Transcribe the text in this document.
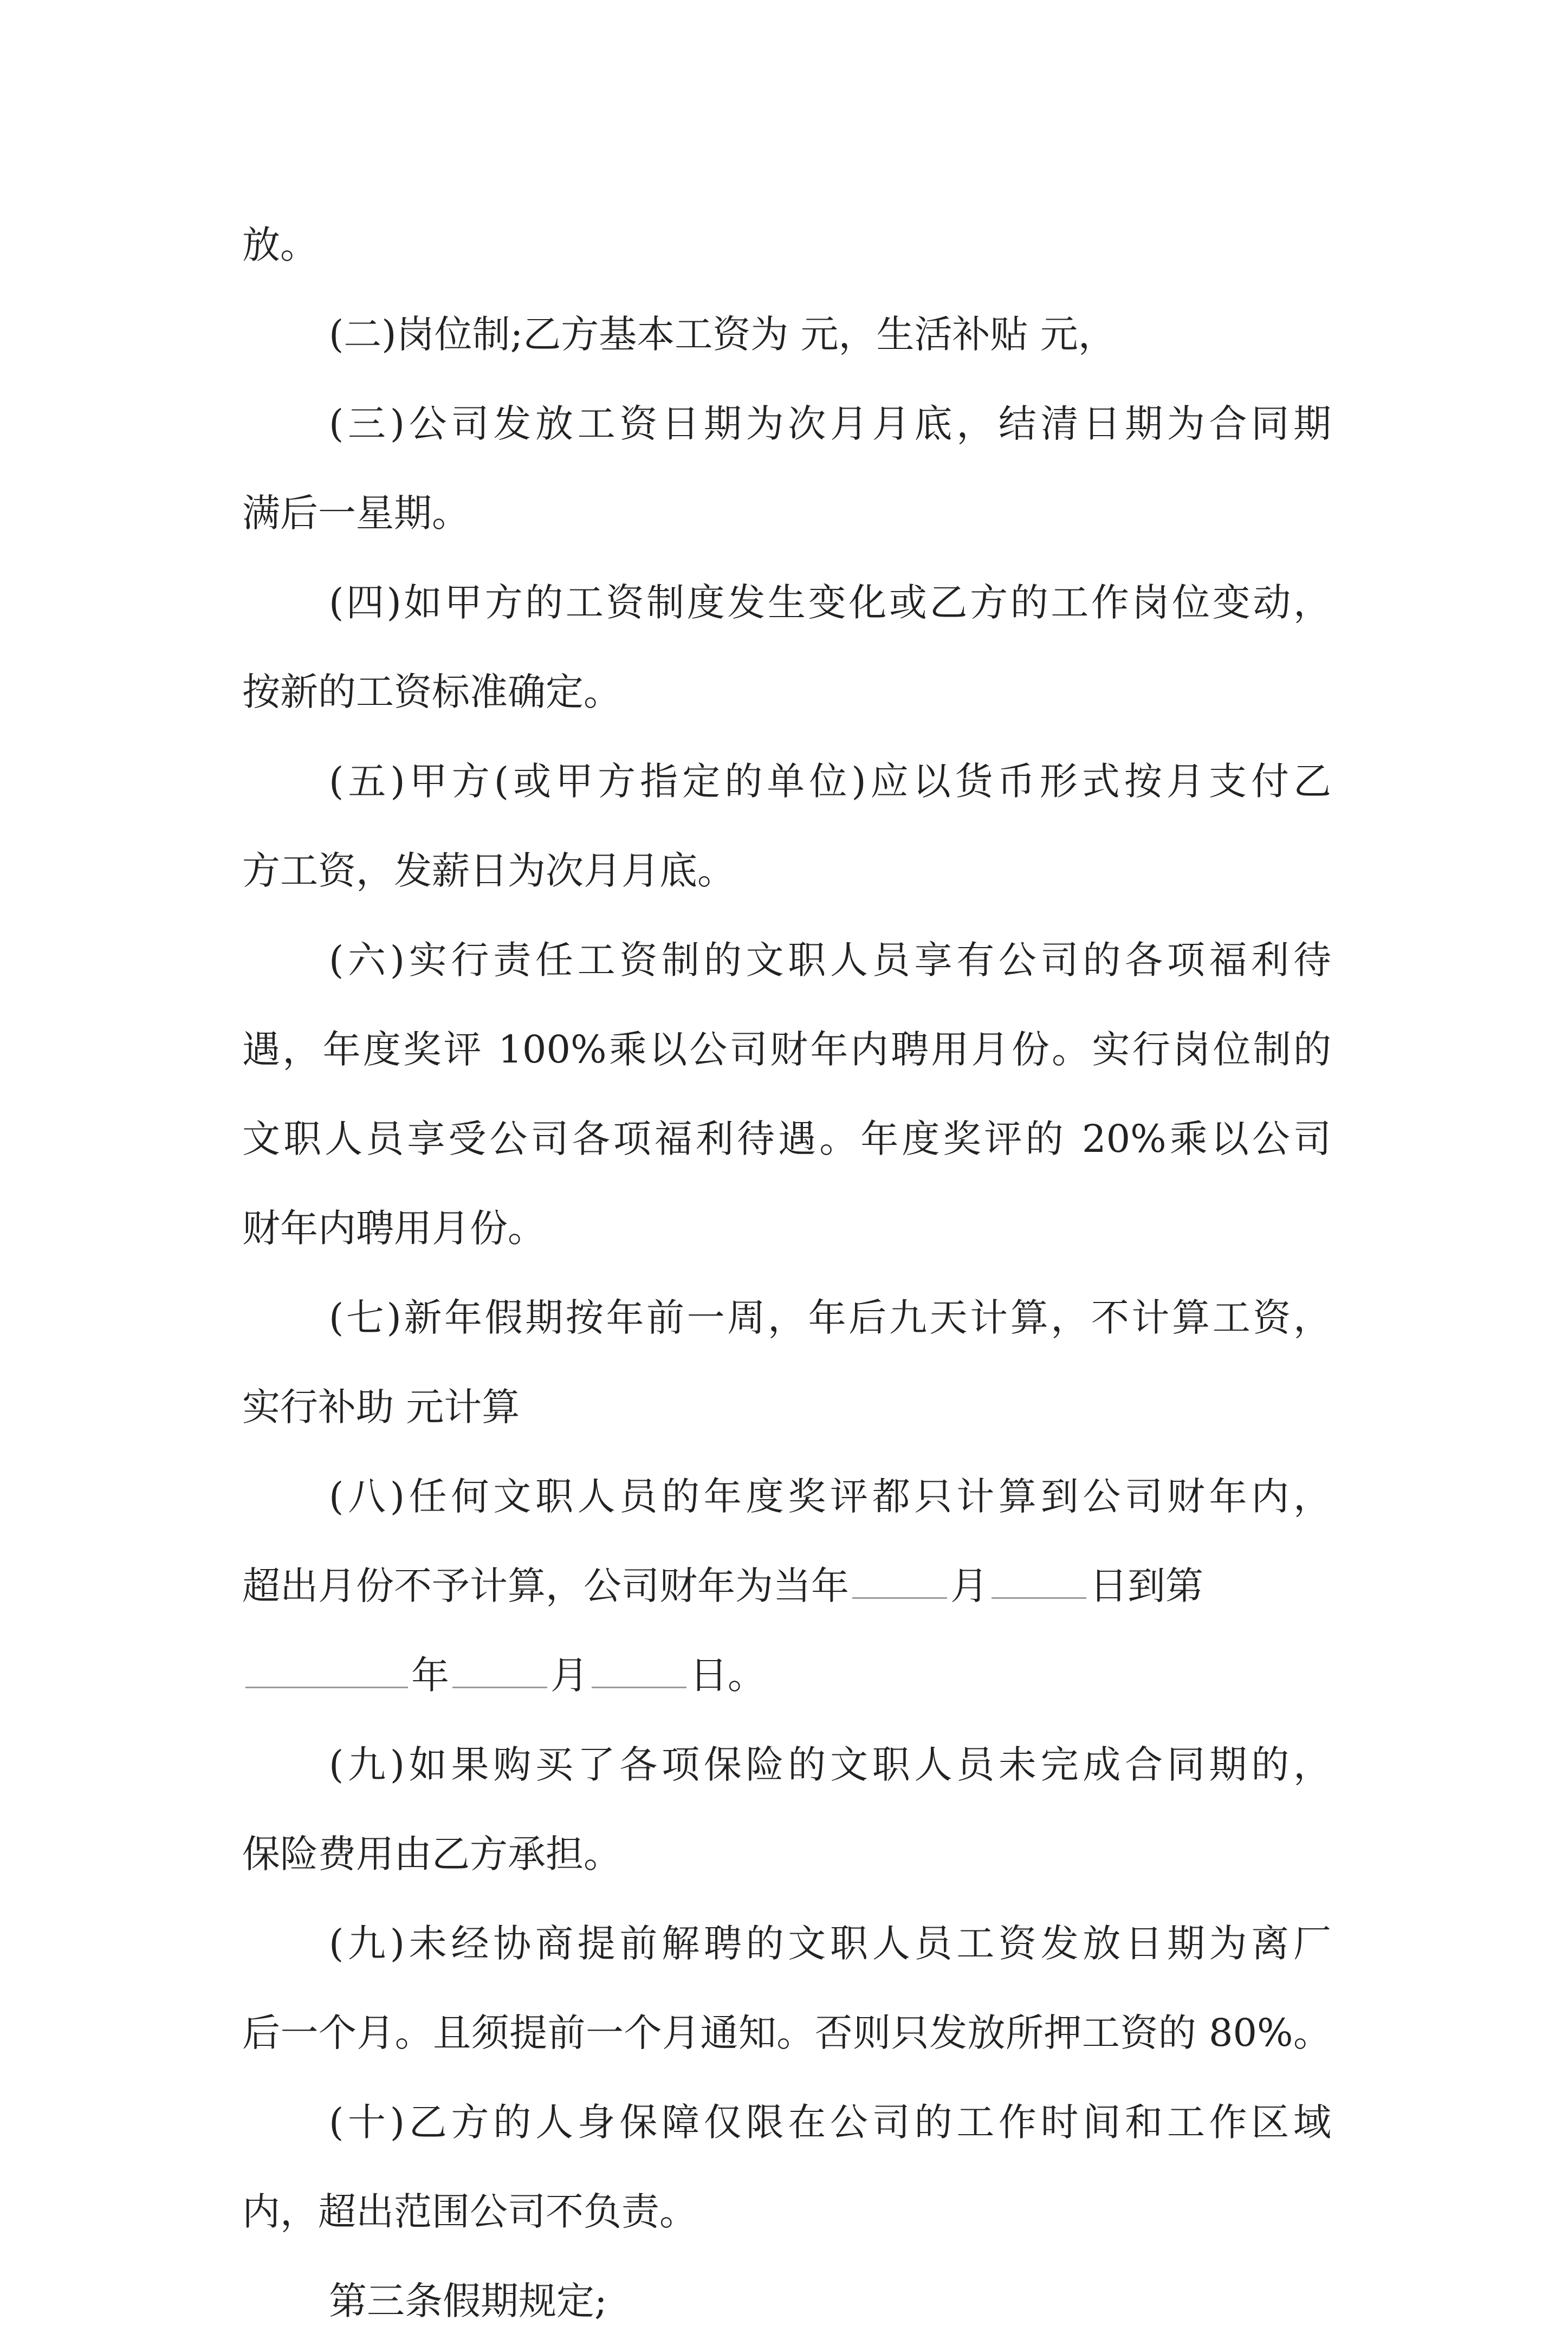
放。
(二)岗位制;乙方基本工资为 元，生活补贴 元，
(三)公司发放工资日期为次月月底，结清日期为合同期
满后一星期。
(四)如甲方的工资制度发生变化或乙方的工作岗位变动，
按新的工资标准确定。
(五)甲方(或甲方指定的单位)应以货币形式按月支付乙
方工资，发薪日为次月月底。
(六)实行责任工资制的文职人员享有公司的各项福利待
遇，年度奖评 100%乘以公司财年内聘用月份。实行岗位制的
文职人员享受公司各项福利待遇。年度奖评的 20%乘以公司
财年内聘用月份。
(七)新年假期按年前一周，年后九天计算，不计算工资，
实行补助 元计算
(八)任何文职人员的年度奖评都只计算到公司财年内，
超出月份不予计算，公司财年为当年	月	日到第
年	月	日。
(九)如果购买了各项保险的文职人员未完成合同期的，
保险费用由乙方承担。
(九)未经协商提前解聘的文职人员工资发放日期为离厂
后一个月。且须提前一个月通知。否则只发放所押工资的 80%。
(十)乙方的人身保障仅限在公司的工作时间和工作区域
内，超出范围公司不负责。
第三条假期规定;
